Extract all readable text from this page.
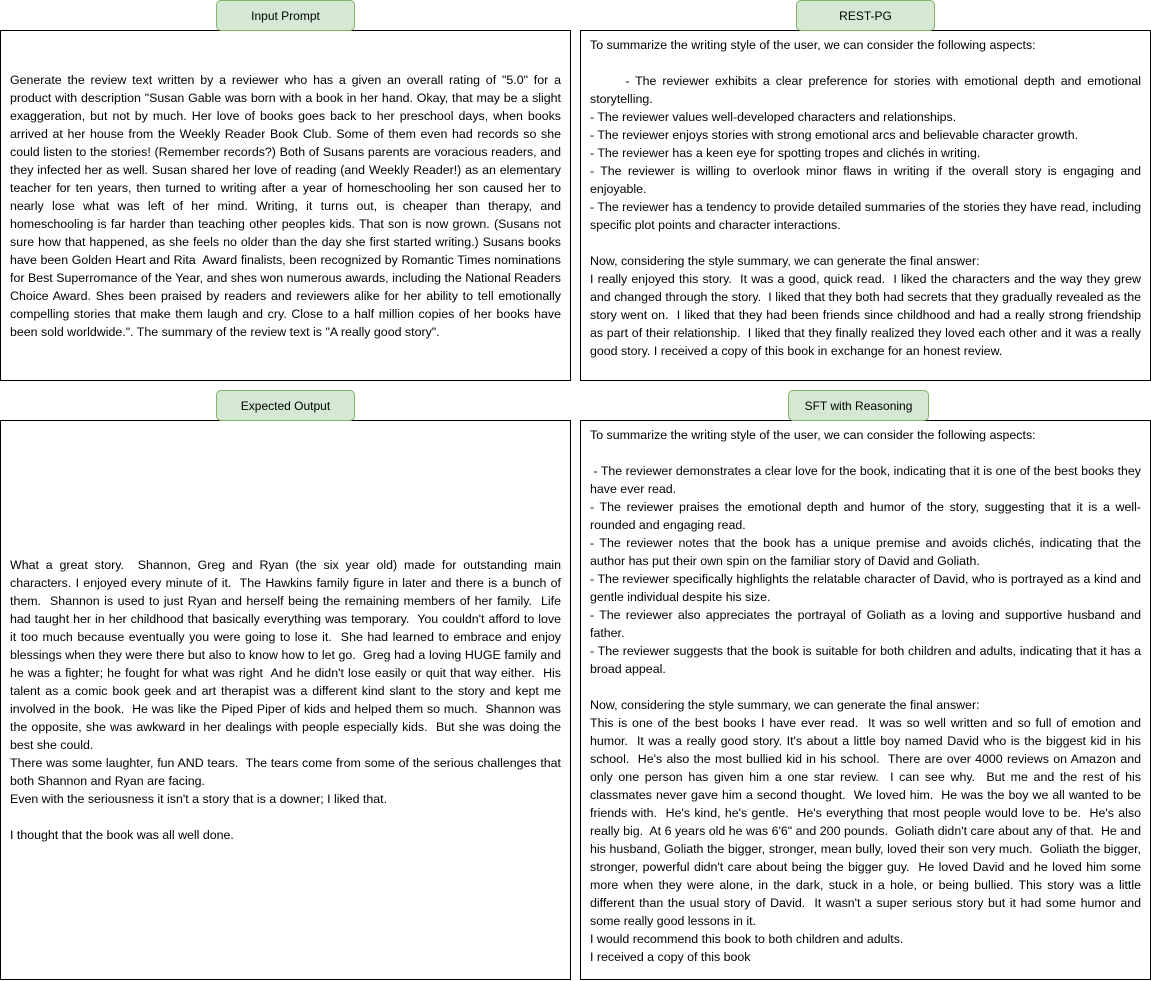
Generate the review text written by a reviewer who has a given an overall rating of "5.0" for a product with description "Susan Gable was born with a book in her hand. Okay, that may be a slight exaggeration, but not by much. Her love of books goes back to her preschool days, when books arrived at her house from the Weekly Reader Book Club. Some of them even had records so she could listen to the stories! (Remember records?) Both of Susans parents are voracious readers, and they infected her as well. Susan shared her love of reading (and Weekly Reader!) as an elementary teacher for ten years, then turned to writing after a year of homeschooling her son caused her to nearly lose what was left of her mind. Writing, it turns out, is cheaper than therapy, and homeschooling is far harder than teaching other peoples kids. That son is now grown. (Susans not sure how that happened, as she feels no older than the day she first started writing.) Susans books have been Golden Heart and Rita  Award finalists, been recognized by Romantic Times nominations for Best Superromance of the Year, and shes won numerous awards, including the National Readers Choice Award. Shes been praised by readers and reviewers alike for her ability to tell emotionally compelling stories that make them laugh and cry. Close to a half million copies of her books have been sold worldwide.". The summary of the review text is "A really good story".

Input Prompt

To summarize the writing style of the user, we can consider the following aspects:

- The reviewer exhibits a clear preference for stories with emotional depth and emotional storytelling.
- The reviewer values well-developed characters and relationships.
- The reviewer enjoys stories with strong emotional arcs and believable character growth.
- The reviewer has a keen eye for spotting tropes and clichés in writing.
- The reviewer is willing to overlook minor flaws in writing if the overall story is engaging and enjoyable.
- The reviewer has a tendency to provide detailed summaries of the stories they have read, including specific plot points and character interactions.

Now, considering the style summary, we can generate the final answer:
I really enjoyed this story.  It was a good, quick read.  I liked the characters and the way they grew and changed through the story.  I liked that they both had secrets that they gradually revealed as the story went on.  I liked that they had been friends since childhood and had a really strong friendship as part of their relationship.  I liked that they finally realized they loved each other and it was a really good story. I received a copy of this book in exchange for an honest review.

REST-PG

What a great story.  Shannon, Greg and Ryan (the six year old) made for outstanding main characters. I enjoyed every minute of it.  The Hawkins family figure in later and there is a bunch of them.  Shannon is used to just Ryan and herself being the remaining members of her family.  Life had taught her in her childhood that basically everything was temporary.  You couldn't afford to love it too much because eventually you were going to lose it.  She had learned to embrace and enjoy blessings when they were there but also to know how to let go.  Greg had a loving HUGE family and he was a fighter; he fought for what was right  And he didn't lose easily or quit that way either.  His talent as a comic book geek and art therapist was a different kind slant to the story and kept me involved in the book.  He was like the Piped Piper of kids and helped them so much.  Shannon was the opposite, she was awkward in her dealings with people especially kids.  But she was doing the best she could.
There was some laughter, fun AND tears.  The tears come from some of the serious challenges that both Shannon and Ryan are facing.
Even with the seriousness it isn't a story that is a downer; I liked that.

I thought that the book was all well done.

Expected Output

To summarize the writing style of the user, we can consider the following aspects:

- The reviewer demonstrates a clear love for the book, indicating that it is one of the best books they have ever read.
- The reviewer praises the emotional depth and humor of the story, suggesting that it is a well-rounded and engaging read.
- The reviewer notes that the book has a unique premise and avoids clichés, indicating that the author has put their own spin on the familiar story of David and Goliath.
- The reviewer specifically highlights the relatable character of David, who is portrayed as a kind and gentle individual despite his size.
- The reviewer also appreciates the portrayal of Goliath as a loving and supportive husband and father.
- The reviewer suggests that the book is suitable for both children and adults, indicating that it has a broad appeal.

Now, considering the style summary, we can generate the final answer:
This is one of the best books I have ever read.  It was so well written and so full of emotion and humor.  It was a really good story. It's about a little boy named David who is the biggest kid in his school.  He's also the most bullied kid in his school.  There are over 4000 reviews on Amazon and only one person has given him a one star review.  I can see why.  But me and the rest of his classmates never gave him a second thought.  We loved him.  He was the boy we all wanted to be friends with.  He's kind, he's gentle.  He's everything that most people would love to be.  He's also really big.  At 6 years old he was 6'6" and 200 pounds.  Goliath didn't care about any of that.  He and his husband, Goliath the bigger, stronger, mean bully, loved their son very much.  Goliath the bigger, stronger, powerful didn't care about being the bigger guy.  He loved David and he loved him some more when they were alone, in the dark, stuck in a hole, or being bullied. This story was a little different than the usual story of David.  It wasn't a super serious story but it had some humor and some really good lessons in it.
I would recommend this book to both children and adults.
I received a copy of this book

SFT with Reasoning
